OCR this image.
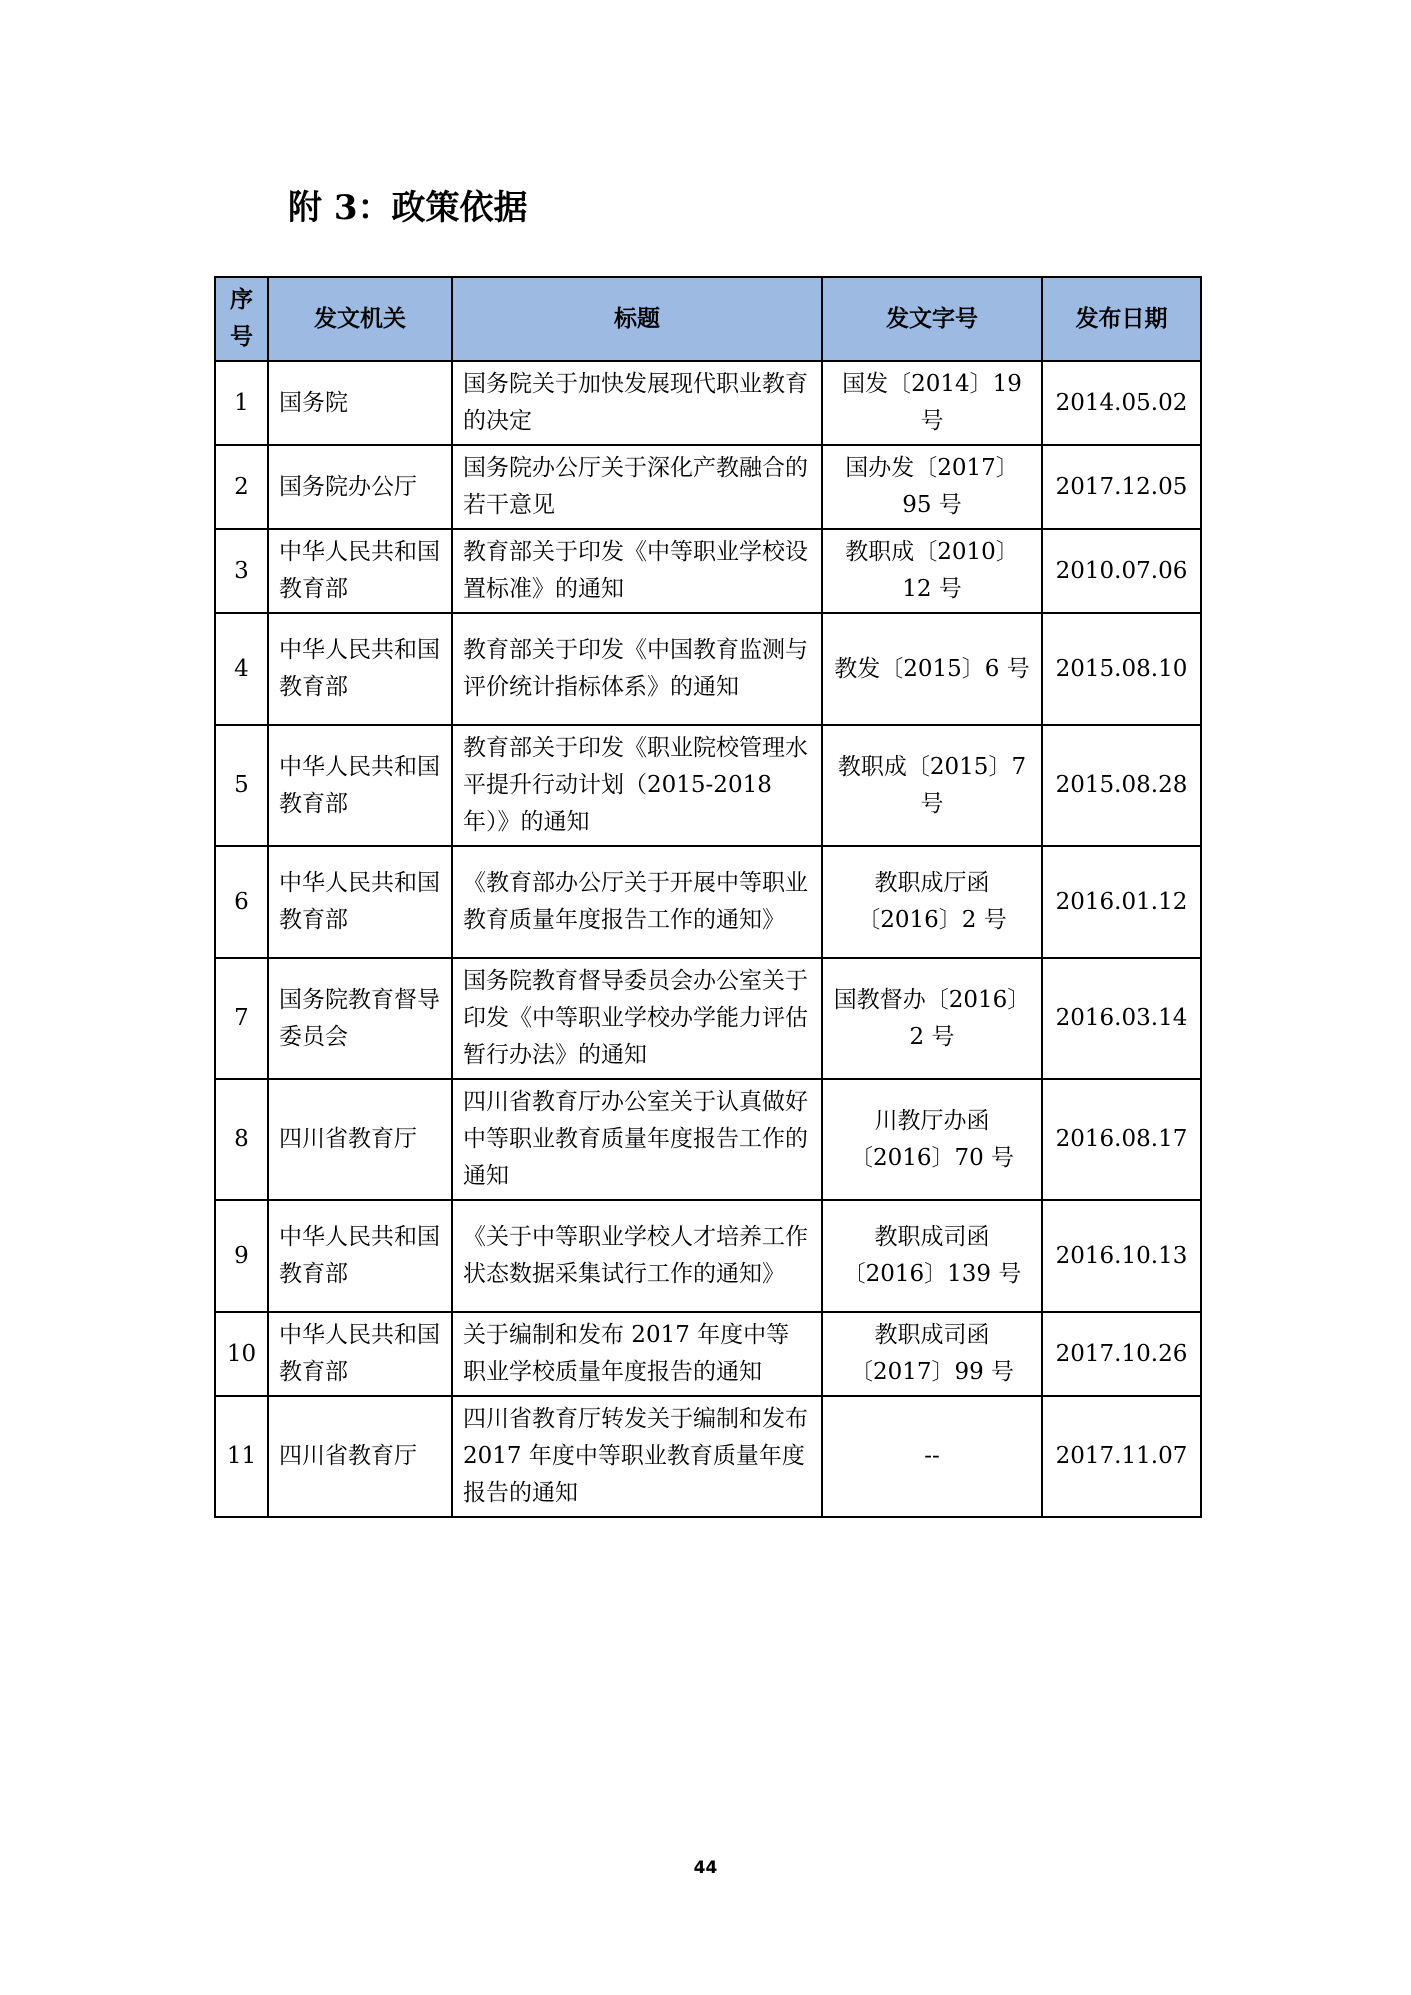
附 3：政策依据
序号	发文机关	标题	发文字号	发布日期
1	国务院	国务院关于加快发展现代职业教育的决定	国发〔2014〕19 号	2014.05.02
2	国务院办公厅	国务院办公厅关于深化产教融合的若干意见	国办发〔2017〕95 号	2017.12.05
3	中华人民共和国教育部	教育部关于印发《中等职业学校设置标准》的通知	教职成〔2010〕12 号	2010.07.06
4	中华人民共和国教育部	教育部关于印发《中国教育监测与评价统计指标体系》的通知	教发〔2015〕6 号	2015.08.10
5	中华人民共和国教育部	教育部关于印发《职业院校管理水平提升行动计划（2015-2018 年）》的通知	教职成〔2015〕7 号	2015.08.28
6	中华人民共和国教育部	《教育部办公厅关于开展中等职业教育质量年度报告工作的通知》	教职成厅函〔2016〕2 号	2016.01.12
7	国务院教育督导委员会	国务院教育督导委员会办公室关于印发《中等职业学校办学能力评估暂行办法》的通知	国教督办〔2016〕2 号	2016.03.14
8	四川省教育厅	四川省教育厅办公室关于认真做好中等职业教育质量年度报告工作的通知	川教厅办函〔2016〕70 号	2016.08.17
9	中华人民共和国教育部	《关于中等职业学校人才培养工作状态数据采集试行工作的通知》	教职成司函〔2016〕139 号	2016.10.13
10	中华人民共和国教育部	关于编制和发布 2017 年度中等职业学校质量年度报告的通知	教职成司函〔2017〕99 号	2017.10.26
11	四川省教育厅	四川省教育厅转发关于编制和发布 2017 年度中等职业教育质量年度报告的通知	--	2017.11.07
44
